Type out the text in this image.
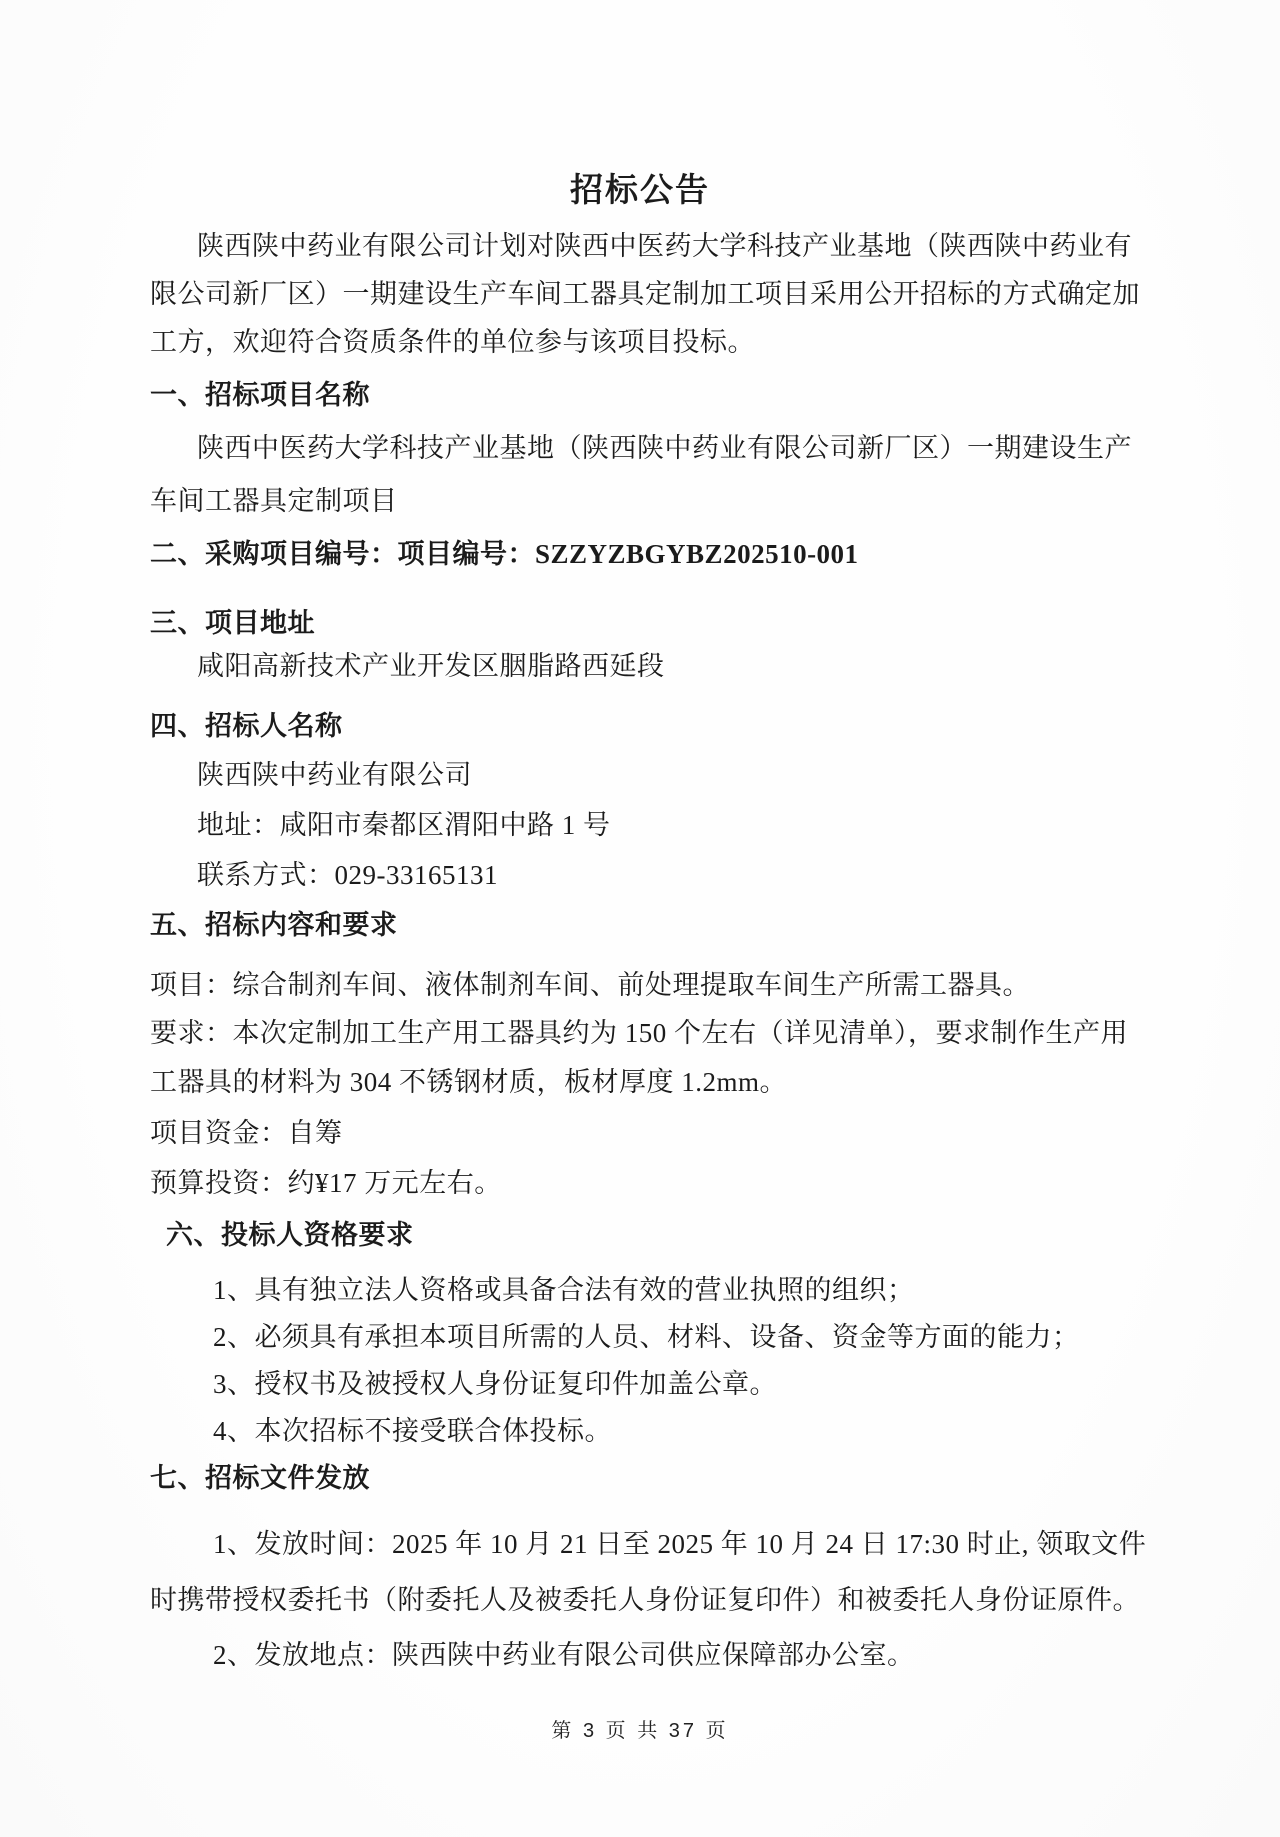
招标公告
陕西陕中药业有限公司计划对陕西中医药大学科技产业基地（陕西陕中药业有
限公司新厂区）一期建设生产车间工器具定制加工项目采用公开招标的方式确定加
工方，欢迎符合资质条件的单位参与该项目投标。
一、招标项目名称
陕西中医药大学科技产业基地（陕西陕中药业有限公司新厂区）一期建设生产
车间工器具定制项目
二、采购项目编号：项目编号：SZZYZBGYBZ202510-001
三、项目地址
咸阳高新技术产业开发区胭脂路西延段
四、招标人名称
陕西陕中药业有限公司
地址：咸阳市秦都区渭阳中路 1 号
联系方式：029-33165131
五、招标内容和要求
项目：综合制剂车间、液体制剂车间、前处理提取车间生产所需工器具。
要求：本次定制加工生产用工器具约为 150 个左右（详见清单），要求制作生产用
工器具的材料为 304 不锈钢材质，板材厚度 1.2mm。
项目资金：自筹
预算投资：约¥17 万元左右。
六、投标人资格要求
1、具有独立法人资格或具备合法有效的营业执照的组织；
2、必须具有承担本项目所需的人员、材料、设备、资金等方面的能力；
3、授权书及被授权人身份证复印件加盖公章。
4、本次招标不接受联合体投标。
七、招标文件发放
1、发放时间：2025 年 10 月 21 日至 2025 年 10 月 24 日 17:30 时止, 领取文件
时携带授权委托书（附委托人及被委托人身份证复印件）和被委托人身份证原件。
2、发放地点：陕西陕中药业有限公司供应保障部办公室。
第 3 页 共 37 页
